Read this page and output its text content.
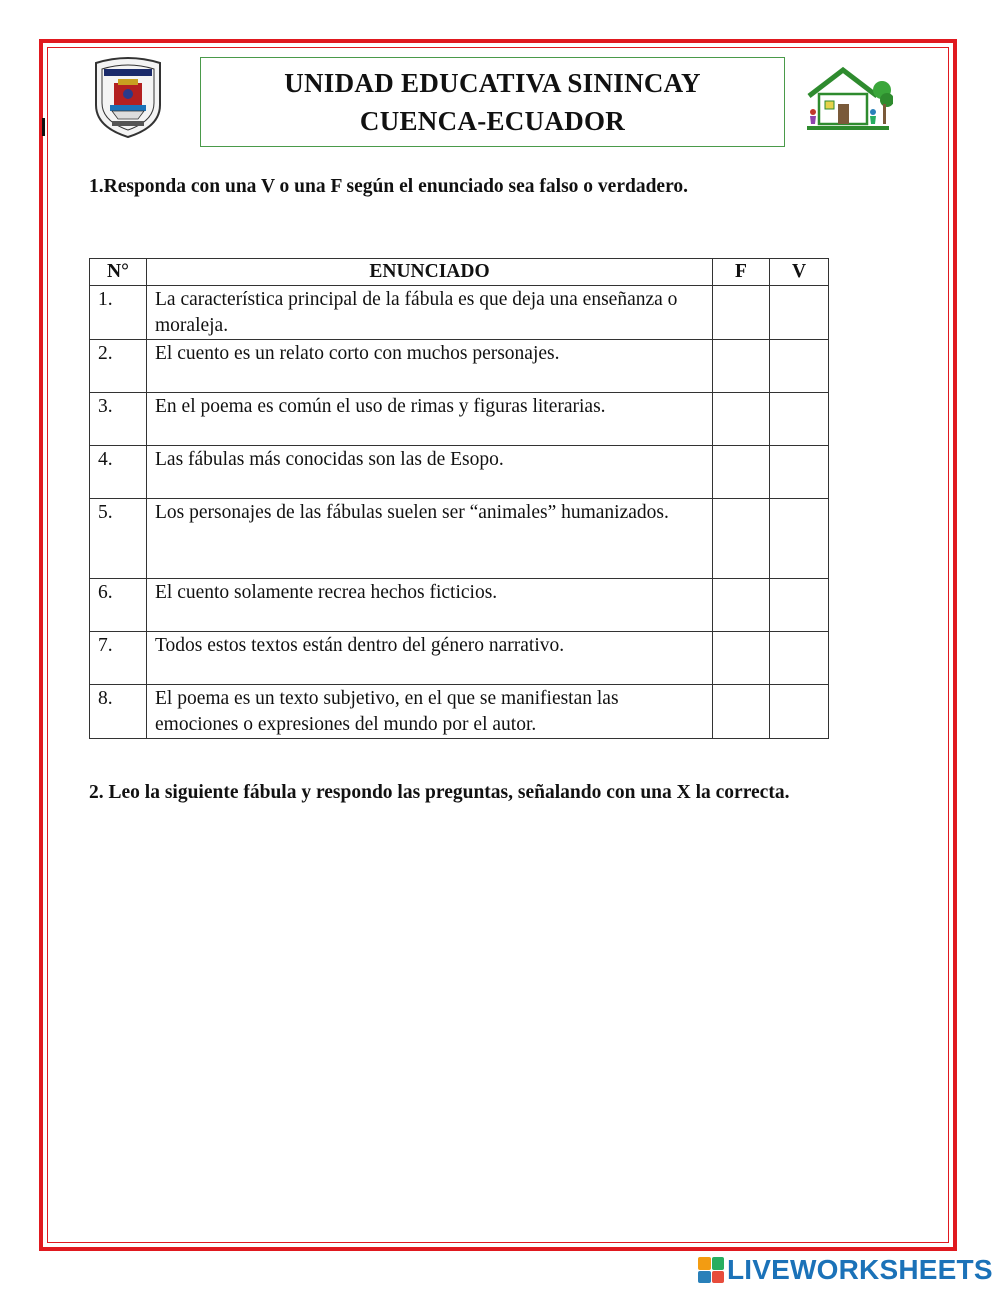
UNIDAD EDUCATIVA SININCAY
CUENCA-ECUADOR
1.Responda con una V o una F según el enunciado sea falso o verdadero.
N°	ENUNCIADO	F	V
1.	La característica principal de la fábula es que deja una enseñanza o moraleja.		
2.	El cuento es un relato corto con muchos personajes.		
3.	En el poema es común el uso de rimas y figuras literarias.		
4.	Las fábulas más conocidas son las de Esopo.		
5.	Los personajes de las fábulas suelen ser “animales” humanizados.		
6.	El cuento solamente recrea hechos ficticios.		
7.	Todos estos textos están dentro del género narrativo.		
8.	El poema es un texto subjetivo, en el que se manifiestan las emociones o expresiones del mundo por el autor.		
2. Leo la siguiente fábula y respondo las preguntas, señalando con una X la correcta.
LIVEWORKSHEETS
